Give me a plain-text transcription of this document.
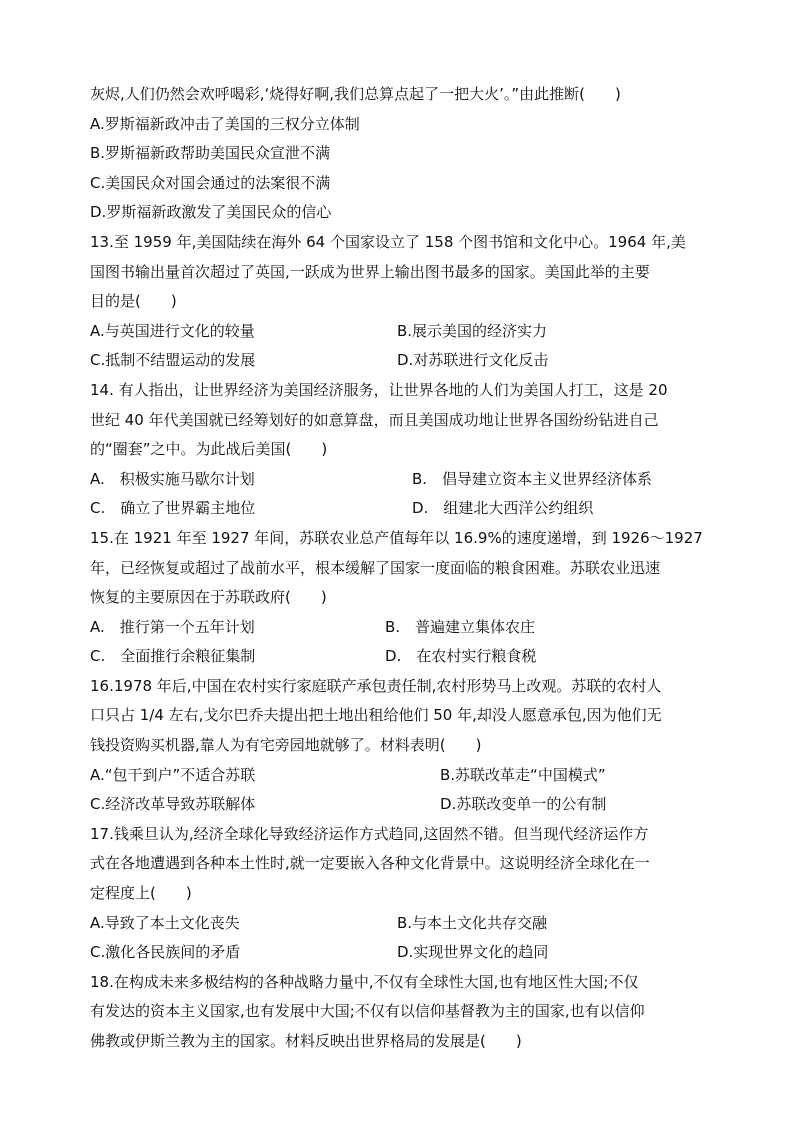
灰烬,人们仍然会欢呼喝彩,‘烧得好啊,我们总算点起了一把大火’。”由此推断(　　)
A.罗斯福新政冲击了美国的三权分立体制
B.罗斯福新政帮助美国民众宣泄不满
C.美国民众对国会通过的法案很不满
D.罗斯福新政激发了美国民众的信心
13.至 1959 年,美国陆续在海外 64 个国家设立了 158 个图书馆和文化中心。1964 年,美
国图书输出量首次超过了英国,一跃成为世界上输出图书最多的国家。美国此举的主要
目的是(　　)
A.与英国进行文化的较量	B.展示美国的经济实力
C.抵制不结盟运动的发展	D.对苏联进行文化反击
14. 有人指出，让世界经济为美国经济服务，让世界各地的人们为美国人打工，这是 20
世纪 40 年代美国就已经筹划好的如意算盘，而且美国成功地让世界各国纷纷钻进自己
的“圈套”之中。为此战后美国(　　)
A.　积极实施马歇尔计划	B.　倡导建立资本主义世界经济体系
C.　确立了世界霸主地位	D.　组建北大西洋公约组织
15.在 1921 年至 1927 年间，苏联农业总产值每年以 16.9%的速度递增，到 1926～1927
年，已经恢复或超过了战前水平，根本缓解了国家一度面临的粮食困难。苏联农业迅速
恢复的主要原因在于苏联政府(　　)
A.　推行第一个五年计划	B.　普遍建立集体农庄
C.　全面推行余粮征集制	D.　在农村实行粮食税
16.1978 年后,中国在农村实行家庭联产承包责任制,农村形势马上改观。苏联的农村人
口只占 1/4 左右,戈尔巴乔夫提出把土地出租给他们 50 年,却没人愿意承包,因为他们无
钱投资购买机器,靠人为有宅旁园地就够了。材料表明(　　)
A.“包干到户”不适合苏联	B.苏联改革走“中国模式”
C.经济改革导致苏联解体	D.苏联改变单一的公有制
17.钱乘旦认为,经济全球化导致经济运作方式趋同,这固然不错。但当现代经济运作方
式在各地遭遇到各种本土性时,就一定要嵌入各种文化背景中。这说明经济全球化在一
定程度上(　　)
A.导致了本土文化丧失	B.与本土文化共存交融
C.激化各民族间的矛盾	D.实现世界文化的趋同
18.在构成未来多极结构的各种战略力量中,不仅有全球性大国,也有地区性大国;不仅
有发达的资本主义国家,也有发展中大国;不仅有以信仰基督教为主的国家,也有以信仰
佛教或伊斯兰教为主的国家。材料反映出世界格局的发展是(　　)
